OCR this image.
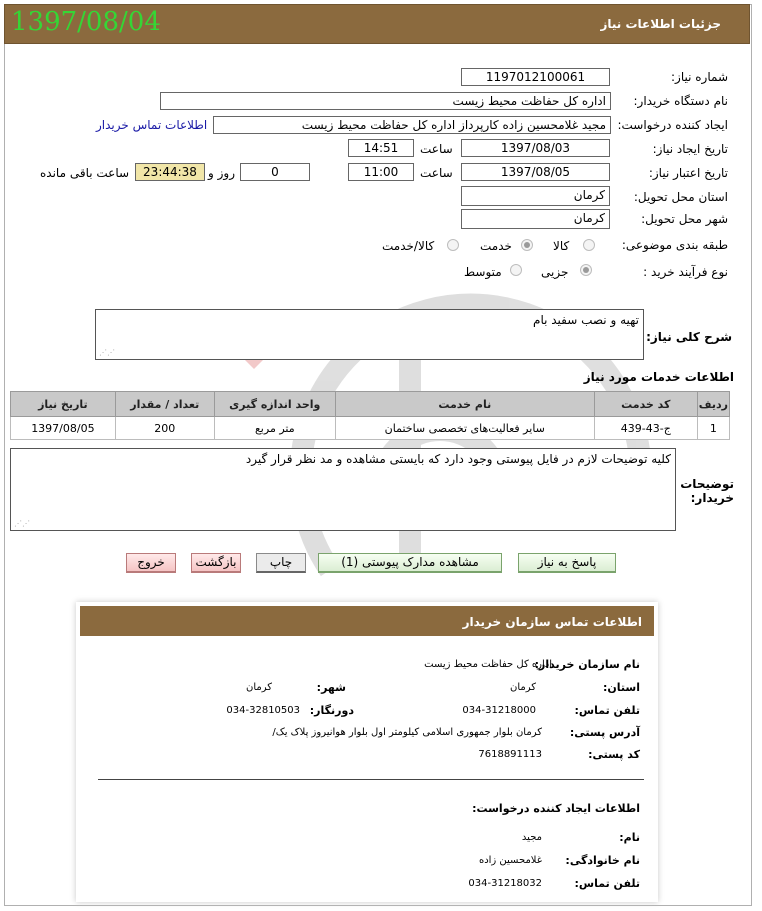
1397/08/04	جزئیات اطلاعات نیاز
شماره نیاز:
1197012100061
نام دستگاه خریدار:
اداره کل حفاظت محیط زیست
ایجاد کننده درخواست:
مجید غلامحسین زاده کارپرداز اداره کل حفاظت محیط زیست
اطلاعات تماس خریدار
تاریخ ایجاد نیاز:
1397/08/03
ساعت
14:51
تاریخ اعتبار نیاز:
1397/08/05
ساعت
11:00
0
روز و
23:44:38
ساعت باقی مانده
استان محل تحویل:
کرمان
شهر محل تحویل:
کرمان
طبقه بندی موضوعی:
کالا
خدمت
کالا/خدمت
نوع فرآیند خرید :
جزیی
متوسط
شرح کلی نیاز:
تهیه و نصب سفید بام
⋰⋰
اطلاعات خدمات مورد نیاز
ردیف	کد خدمت	نام خدمت	واحد اندازه گیری	تعداد / مقدار	تاریخ نیاز
1	ج-43-439	سایر فعالیت‌های تخصصی ساختمان	متر مربع	200	1397/08/05
توضیحات خریدار:
کلیه توضیحات لازم در فایل پیوستی وجود دارد که بایستی مشاهده و مد نظر قرار گیرد
⋰⋰
پاسخ به نیاز
مشاهده مدارک پیوستی (1)
چاپ
بازگشت
خروج
اطلاعات تماس سازمان خریدار
نام سازمان خریدار:
اداره کل حفاظت محیط زیست
استان:
کرمان
شهر:
کرمان
تلفن تماس:
034-31218000
دورنگار:
034-32810503
آدرس پستی:
کرمان بلوار جمهوری اسلامی کیلومتر اول بلوار هوانیروز پلاک یک/
کد پستی:
7618891113
اطلاعات ایجاد کننده درخواست:
نام:
مجید
نام خانوادگی:
غلامحسین زاده
تلفن تماس:
034-31218032
